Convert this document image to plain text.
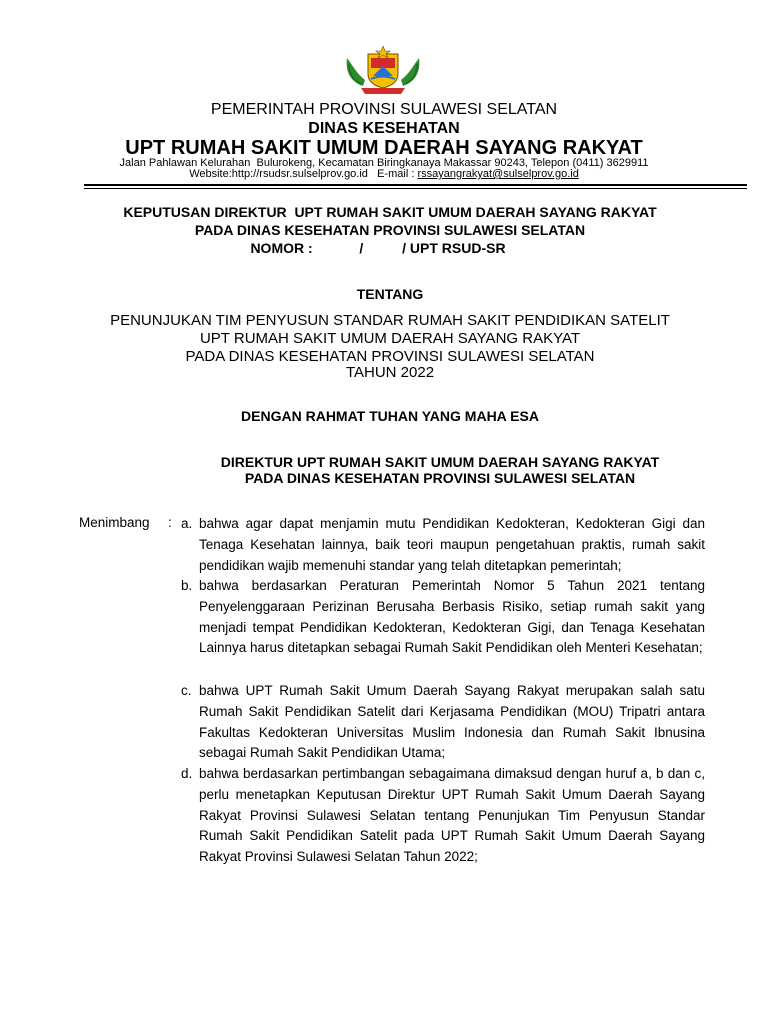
PEMERINTAH PROVINSI SULAWESI SELATAN
DINAS KESEHATAN
UPT RUMAH SAKIT UMUM DAERAH SAYANG RAKYAT
Jalan Pahlawan Kelurahan  Bulurokeng, Kecamatan Biringkanaya Makassar 90243, Telepon (0411) 3629911
Website:http://rsudsr.sulselprov.go.id   E-mail : rssayangrakyat@sulselprov.go.id
KEPUTUSAN DIREKTUR  UPT RUMAH SAKIT UMUM DAERAH SAYANG RAKYAT
PADA DINAS KESEHATAN PROVINSI SULAWESI SELATAN
NOMOR :            /          / UPT RSUD-SR
TENTANG
PENUNJUKAN TIM PENYUSUN STANDAR RUMAH SAKIT PENDIDIKAN SATELIT
UPT RUMAH SAKIT UMUM DAERAH SAYANG RAKYAT
PADA DINAS KESEHATAN PROVINSI SULAWESI SELATAN
TAHUN 2022
DENGAN RAHMAT TUHAN YANG MAHA ESA
DIREKTUR UPT RUMAH SAKIT UMUM DAERAH SAYANG RAKYAT
PADA DINAS KESEHATAN PROVINSI SULAWESI SELATAN
Menimbang : a. bahwa agar dapat menjamin mutu Pendidikan Kedokteran, Kedokteran Gigi dan Tenaga Kesehatan lainnya, baik teori maupun pengetahuan praktis, rumah sakit pendidikan wajib memenuhi standar yang telah ditetapkan pemerintah;
b. bahwa berdasarkan Peraturan Pemerintah Nomor 5 Tahun 2021 tentang Penyelenggaraan Perizinan Berusaha Berbasis Risiko, setiap rumah sakit yang menjadi tempat Pendidikan Kedokteran, Kedokteran Gigi, dan Tenaga Kesehatan Lainnya harus ditetapkan sebagai Rumah Sakit Pendidikan oleh Menteri Kesehatan;
c. bahwa UPT Rumah Sakit Umum Daerah Sayang Rakyat merupakan salah satu Rumah Sakit Pendidikan Satelit dari Kerjasama Pendidikan (MOU) Tripatri antara Fakultas Kedokteran Universitas Muslim Indonesia dan Rumah Sakit Ibnusina sebagai Rumah Sakit Pendidikan Utama;
d. bahwa berdasarkan pertimbangan sebagaimana dimaksud dengan huruf a, b dan c, perlu menetapkan Keputusan Direktur UPT Rumah Sakit Umum Daerah Sayang Rakyat Provinsi Sulawesi Selatan tentang Penunjukan Tim Penyusun Standar Rumah Sakit Pendidikan Satelit pada UPT Rumah Sakit Umum Daerah Sayang Rakyat Provinsi Sulawesi Selatan Tahun 2022;
